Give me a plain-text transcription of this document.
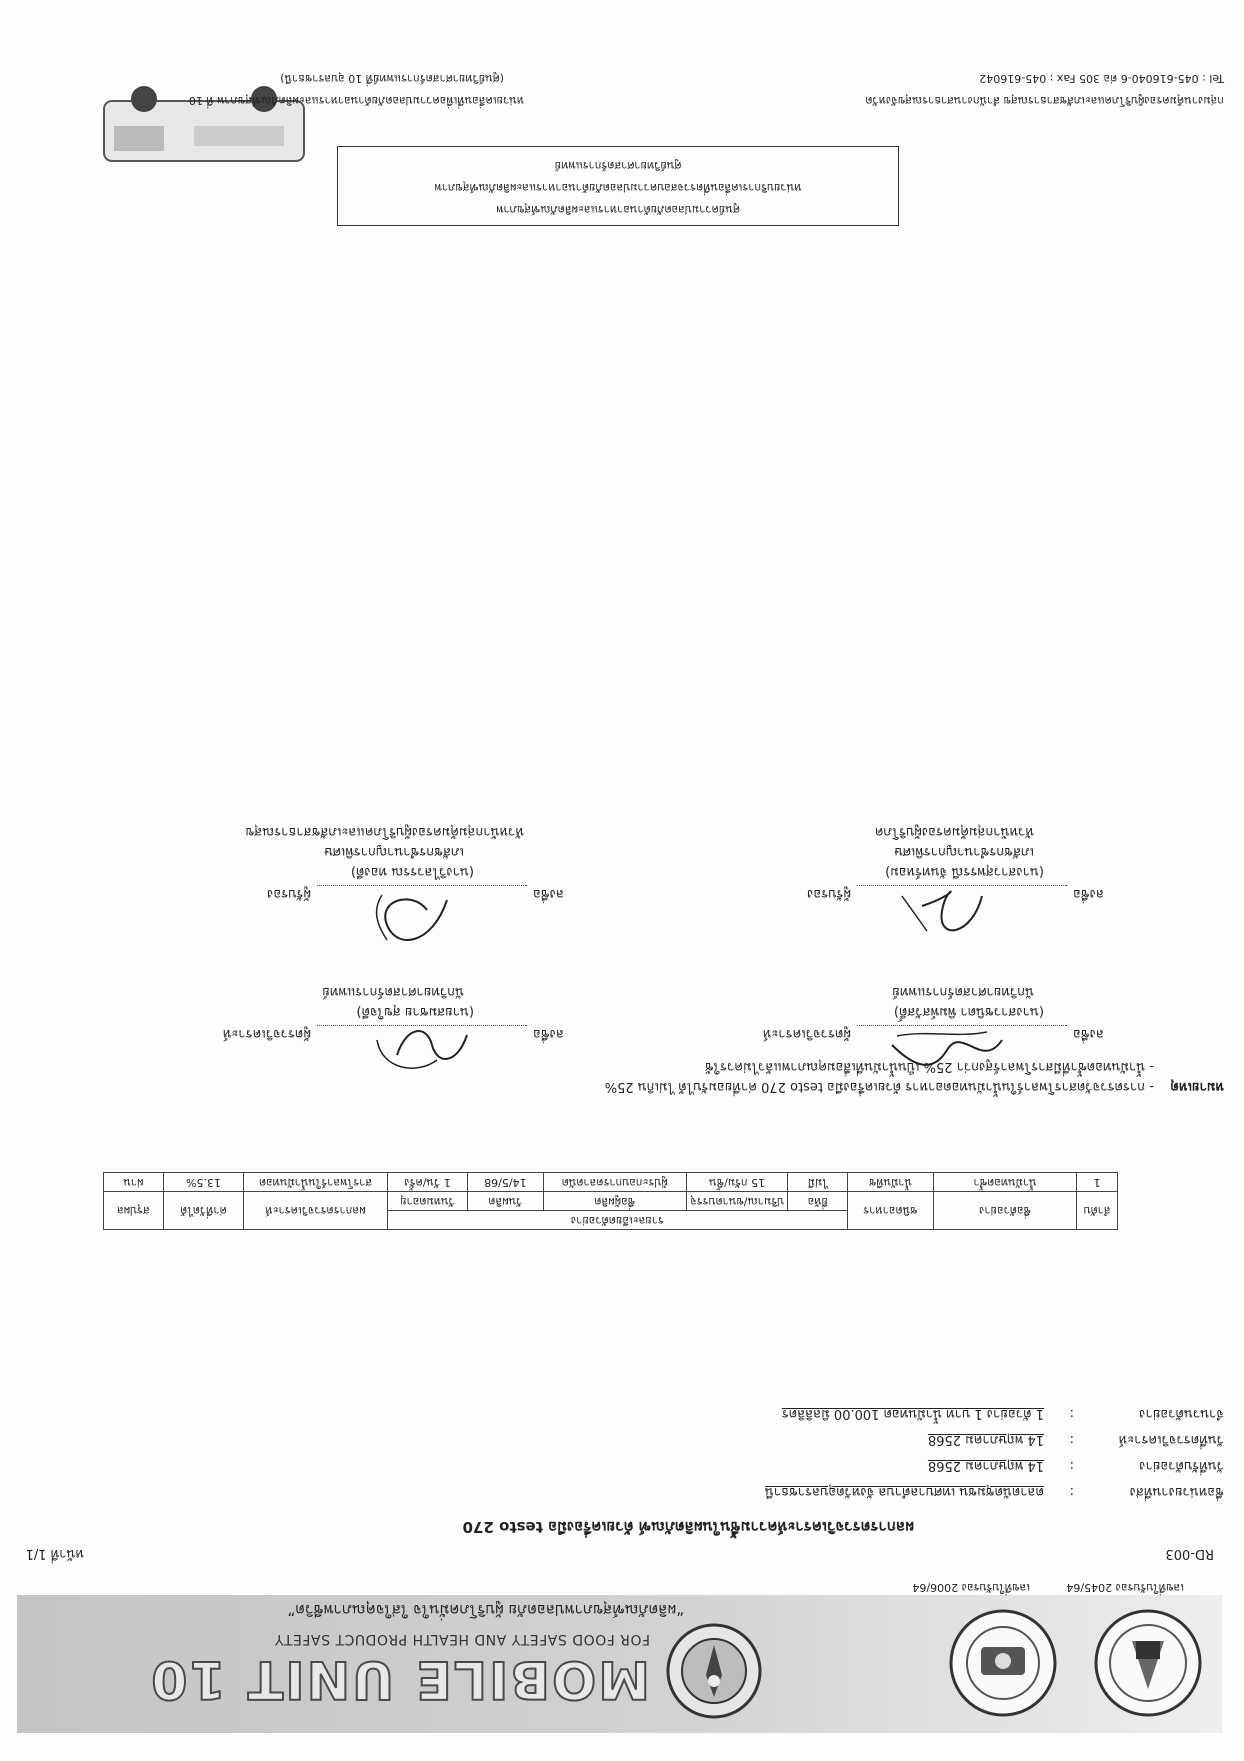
MOBILE UNIT 10
FOR FOOD SAFETY AND HEALTH PRODUCT SAFETY
“ผลิตภัณฑ์สุขภาพปลอดภัย ผู้บริโภคมั่นใจ ใส่ใจคุณภาพชีวิต”
เลขที่ใบรับรอง 2045/64
เลขที่ใบรับรอง 2006/64
RD-003
หน้าที่ 1/1
ผลการตรวจวิเคราะห์ความชื้นในผลิตภัณฑ์ ด้วยเครื่องมือ testo 270
ชื่อหน่วยงานที่ส่ง
:
ตลาดนัดชุมชน เทศบาลตำบล จังหวัดอุบลราชธานี
วันที่รับตัวอย่าง
:
14 พฤษภาคม 2568
วันที่ตรวจวิเคราะห์
:
14 พฤษภาคม 2568
จำนวนตัวอย่าง
:
1 ตัวอย่าง 1 บาท น้ำมันทอด 100.00 มิลลิลิตร
ลำดับ	ชื่อตัวอย่าง	ชนิดอาหาร	รายละเอียดตัวอย่าง					ผลการตรวจวิเคราะห์	ค่าที่วัดได้	สรุปผล
			ยี่ห้อ	ปริมาณ/ขนาดบรรจุ	ชื่อผู้ผลิต	วันผลิต	วันหมดอายุ			
1	น้ำมันทอดซ้ำ	น้ำมันพืช	ไม่มี	15 กรัม/ชิ้น	ผู้ประกอบการตลาดนัด	14/5/68	1 วัน/ครั้ง	สารโพลาร์ในน้ำมันทอด	13.5%	ผ่าน
หมายเหตุ
- การตรวจวัดสารโพลาร์ในน้ำมันทอดอาหาร ด้วยเครื่องมือ testo 270 ค่าที่ยอมรับได้ ไม่เกิน 25%
- น้ำมันทอดซ้ำที่มีสารโพลาร์สูงกว่า 25% เป็นน้ำมันที่เสื่อมคุณภาพแล้วไม่ควรใช้
ลงชื่อ
ผู้ตรวจวิเคราะห์
(นางสาวชนิดา พิมพ์สวัสดิ์)
นักวิทยาศาสตร์การแพทย์
ลงชื่อ
ผู้ตรวจวิเคราะห์
(นายสมชาย สุขใจดี)
นักวิทยาศาสตร์การแพทย์
ลงชื่อ
ผู้รับรอง
(นางสาวสุพรรณี จันทร์หอม)
เภสัชกรชำนาญการพิเศษ
หัวหน้ากลุ่มคุ้มครองผู้บริโภค
ลงชื่อ
ผู้รับรอง
(นางวิไลวรรณ ทองดี)
เภสัชกรชำนาญการพิเศษ
หัวหน้ากลุ่มคุ้มครองผู้บริโภคและเภสัชสาธารณสุข
ศูนย์ความปลอดภัยด้านอาหารและผลิตภัณฑ์สุขภาพ
หน่วยบริการเคลื่อนที่ตรวจสอบความปลอดภัยด้านอาหารและผลิตภัณฑ์สุขภาพ
ศูนย์วิทยาศาสตร์การแพทย์
กลุ่มงานคุ้มครองผู้บริโภคและเภสัชสาธารณสุข สำนักงานสาธารณสุขจังหวัด
Tel : 045-616040-6 ต่อ 305 Fax : 045-616042
หน่วยเคลื่อนที่เพื่อความปลอดภัยด้านอาหารและผลิตภัณฑ์สุขภาพ ที่ 10
(ศูนย์วิทยาศาสตร์การแพทย์ที่ 10 อุบลราชธานี)
